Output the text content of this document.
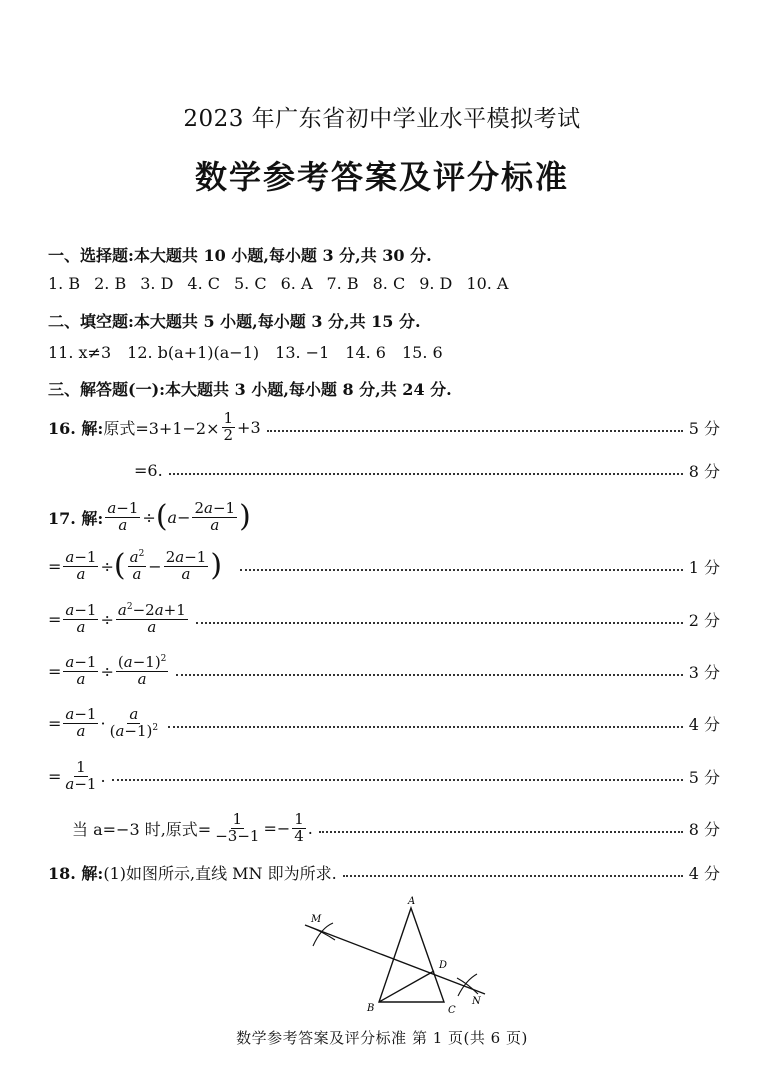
2023 年广东省初中学业水平模拟考试
数学参考答案及评分标准
一、选择题:本大题共 10 小题,每小题 3 分,共 30 分.
1. B 2. B 3. D 4. C 5. C 6. A 7. B 8. C 9. D 10. A
二、填空题:本大题共 5 小题,每小题 3 分,共 15 分.
11. x≠3 12. b(a+1)(a−1) 13. −1 14. 6 15. 6
三、解答题(一):本大题共 3 小题,每小题 8 分,共 24 分.
16. 解: 原式$=3+1-2\times \frac{1}{2} +3$	5 分
=6.	8 分
17. 解: $\frac{a-1}{a}$ ÷ ( $a - \frac{2a-1}{a}$ )
= $\frac{a-1}{a}$ ÷ ( $\frac{a^2}{a} - \frac{2a-1}{a}$ )	1 分
= $\frac{a-1}{a} \div \frac{a^2-2a+1}{a}$	2 分
= $\frac{a-1}{a} \div \frac{(a-1)^2}{a}$	3 分
= $\frac{a-1}{a} \cdot \frac{a}{(a-1)^2}$	4 分
= $\frac{1}{a-1}$ .	5 分
当 a=−3 时,原式= $\frac{1}{-3-1} =- \frac{1}{4}$ .	8 分
18. 解: (1)如图所示,直线 MN 即为所求.	4 分
A
B	C
D
M
N
数学参考答案及评分标准 第 1 页(共 6 页)
